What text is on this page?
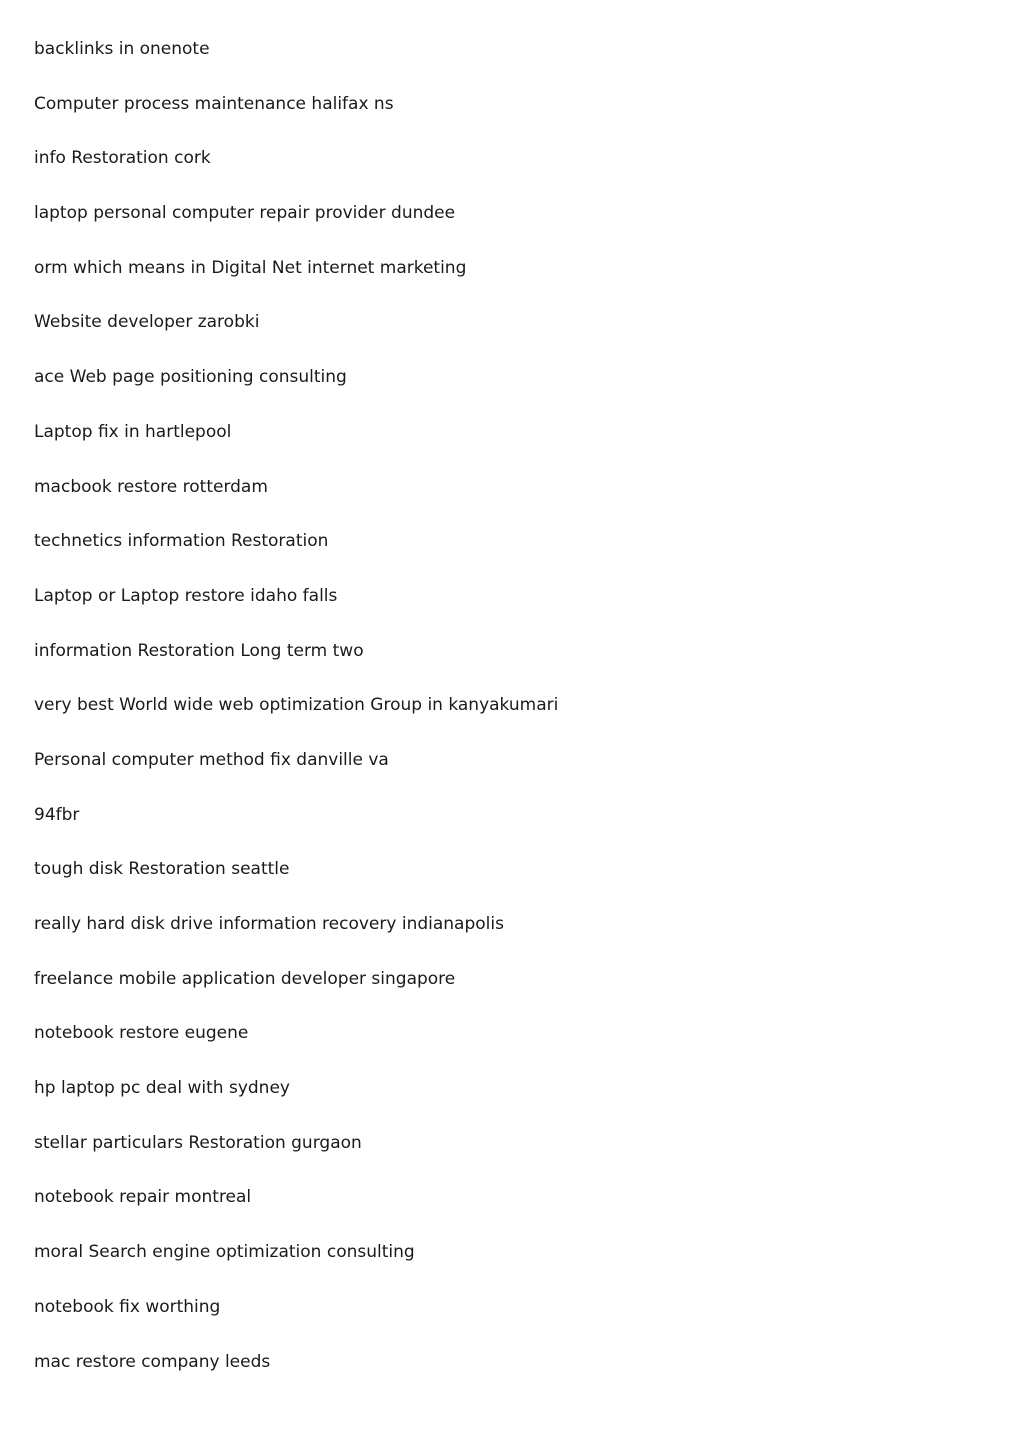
backlinks in onenote
Computer process maintenance halifax ns
info Restoration cork
laptop personal computer repair provider dundee
orm which means in Digital Net internet marketing
Website developer zarobki
ace Web page positioning consulting
Laptop fix in hartlepool
macbook restore rotterdam
technetics information Restoration
Laptop or Laptop restore idaho falls
information Restoration Long term two
very best World wide web optimization Group in kanyakumari
Personal computer method fix danville va
94fbr
tough disk Restoration seattle
really hard disk drive information recovery indianapolis
freelance mobile application developer singapore
notebook restore eugene
hp laptop pc deal with sydney
stellar particulars Restoration gurgaon
notebook repair montreal
moral Search engine optimization consulting
notebook fix worthing
mac restore company leeds
